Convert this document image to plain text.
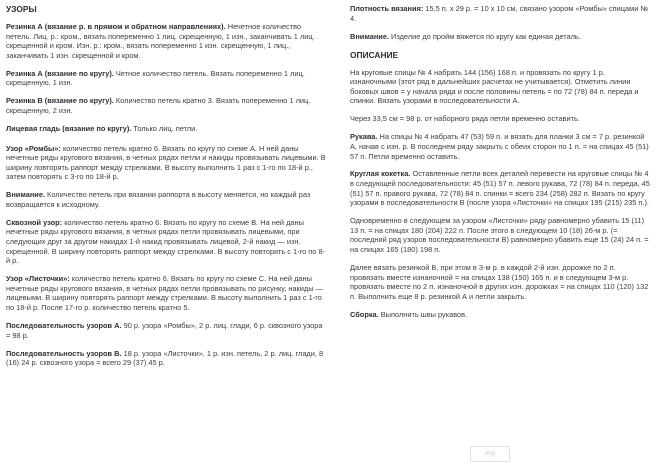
УЗОРЫ

Резинка А (вязание р. в прямом и обратном направлениях). Нечетное количество петель. Лиц. р.: кром., вязать попеременно 1 лиц. скрещенную, 1 изн., заканчивать 1 лиц. скрещенной и кром. Изн. р.: кром., вязать попеременно 1 изн. скрещенную, 1 лиц., заканчивать 1 изн. скрещенной и кром.

Резинка А (вязание по кругу). Четное количество петель. Вязать попеременно 1 лиц. скрещенную, 1 изн.

Резинка В (вязание по кругу). Количество петель кратно 3. Вязать попеременно 1 лиц. скрещенную, 2 изн.

Лицевая гладь (вязание по кругу). Только лиц. петли.

Узор «Ромбы»: количество петель кратно 6. Вязать по кругу по схеме А. Н ней даны нечетные ряды кругового вязания, в четных рядах петли и накиды провязывать лицевыми. В ширину повторять раппорт между стрелками. В высоту выполнить 1 раз с 1-го по 18-й р., затем повторять с 3-го по 18-й р.

Внимание. Количество петель при вязании раппорта в высоту меняется, но каждый раз возвращается к исходному.

Сквозной узор: количество петель кратно 6. Вязать по кругу по схеме В. На ней даны нечетные ряды кругового вязания, в четных рядах петли провязывать лицевыми, при следующих друг за другом накидах 1-й накид провязывать лицевой, 2-й накид — изн. скрещенной. В ширину повторять раппорт между стрелками. В высоту повторять с 1-го по 8-й р.

Узор «Листочки»: количество петель кратно 6. Вязать по кругу по схеме С. На ней даны нечетные ряды кругового вязания, в четных рядах петли провязывать по рисунку, накиды — лицевыми. В ширину повторять раппорт между стрелками. В высоту выполнить 1 раз с 1-го по 18-й р. После 17-го р. количество петель кратно 5.

Последовательность узоров А. 90 р. узора «Ромбы», 2 р. лиц. глади, 6 р. сквозного узора = 98 р.

Последовательность узоров В. 18 р. узора «Листочки», 1 р. изн. петель, 2 р. лиц. глади, 8 (16) 24 р. сквозного узора = всего 29 (37) 45 р.

Плотность вязания: 15,5 п. х 29 р. = 10 х 10 см, связано узором «Ромбы» спицами № 4.

Внимание. Изделие до пройм вяжется по кругу как единая деталь.

ОПИСАНИЕ

На круговые спицы № 4 набрать 144 (156) 168 п. и провязать по кругу 1 р. изнаночными (этот ряд в дальнейших расчетах не учитывается). Отметить линии боковых швов = у начала ряда и после половины петель = по 72 (78) 84 п. переда и спинки. Вязать узорами в последовательности А.

Через 33,5 см = 98 р. от наборного ряда петли временно оставить.

Рукава. На спицы № 4 набрать 47 (53) 59 п. и вязать для планки 3 см = 7 р. резинкой А, начав с изн. р. В последнем ряду закрыть с обеих сторон по 1 п. = на спицах 45 (51) 57 п. Петли временно оставить.

Круглая кокетка. Оставленные петли всех деталей перевести на круговые спицы № 4 в следующей последовательности: 45 (51) 57 п. левого рукава, 72 (78) 84 п. переда, 45 (51) 57 п. правого рукава, 72 (78) 84 п. спинки = всего 234 (258) 282 п. Вязать по кругу узорами в последовательности В (после узора «Листочки» на спицах 195 (215) 235 п.).

Одновременно в следующем за узором «Листочки» ряду равномерно убавить 15 (11) 13 п. = на спицах 180 (204) 222 п. После этого в следующем 10 (18) 26-м р. (= последний ряд узоров последовательности В) равномерно убавить еще 15 (24) 24 п. = на спицах 165 (180) 198 п.

Далее вязать резинкой В, при этом в 3-м р. в каждой 2-й изн. дорожке по 2 п. провязать вместе изнаночной = на спицах 138 (150) 165 п. и в следующем 3-м р. провязать вместе по 2 п. изнаночной в других изн. дорожках = на спицах 110 (120) 132 п. Выполнить еще 8 р. резинкой А и петли закрыть.

Сборка. Выполнить швы рукавов.

img
